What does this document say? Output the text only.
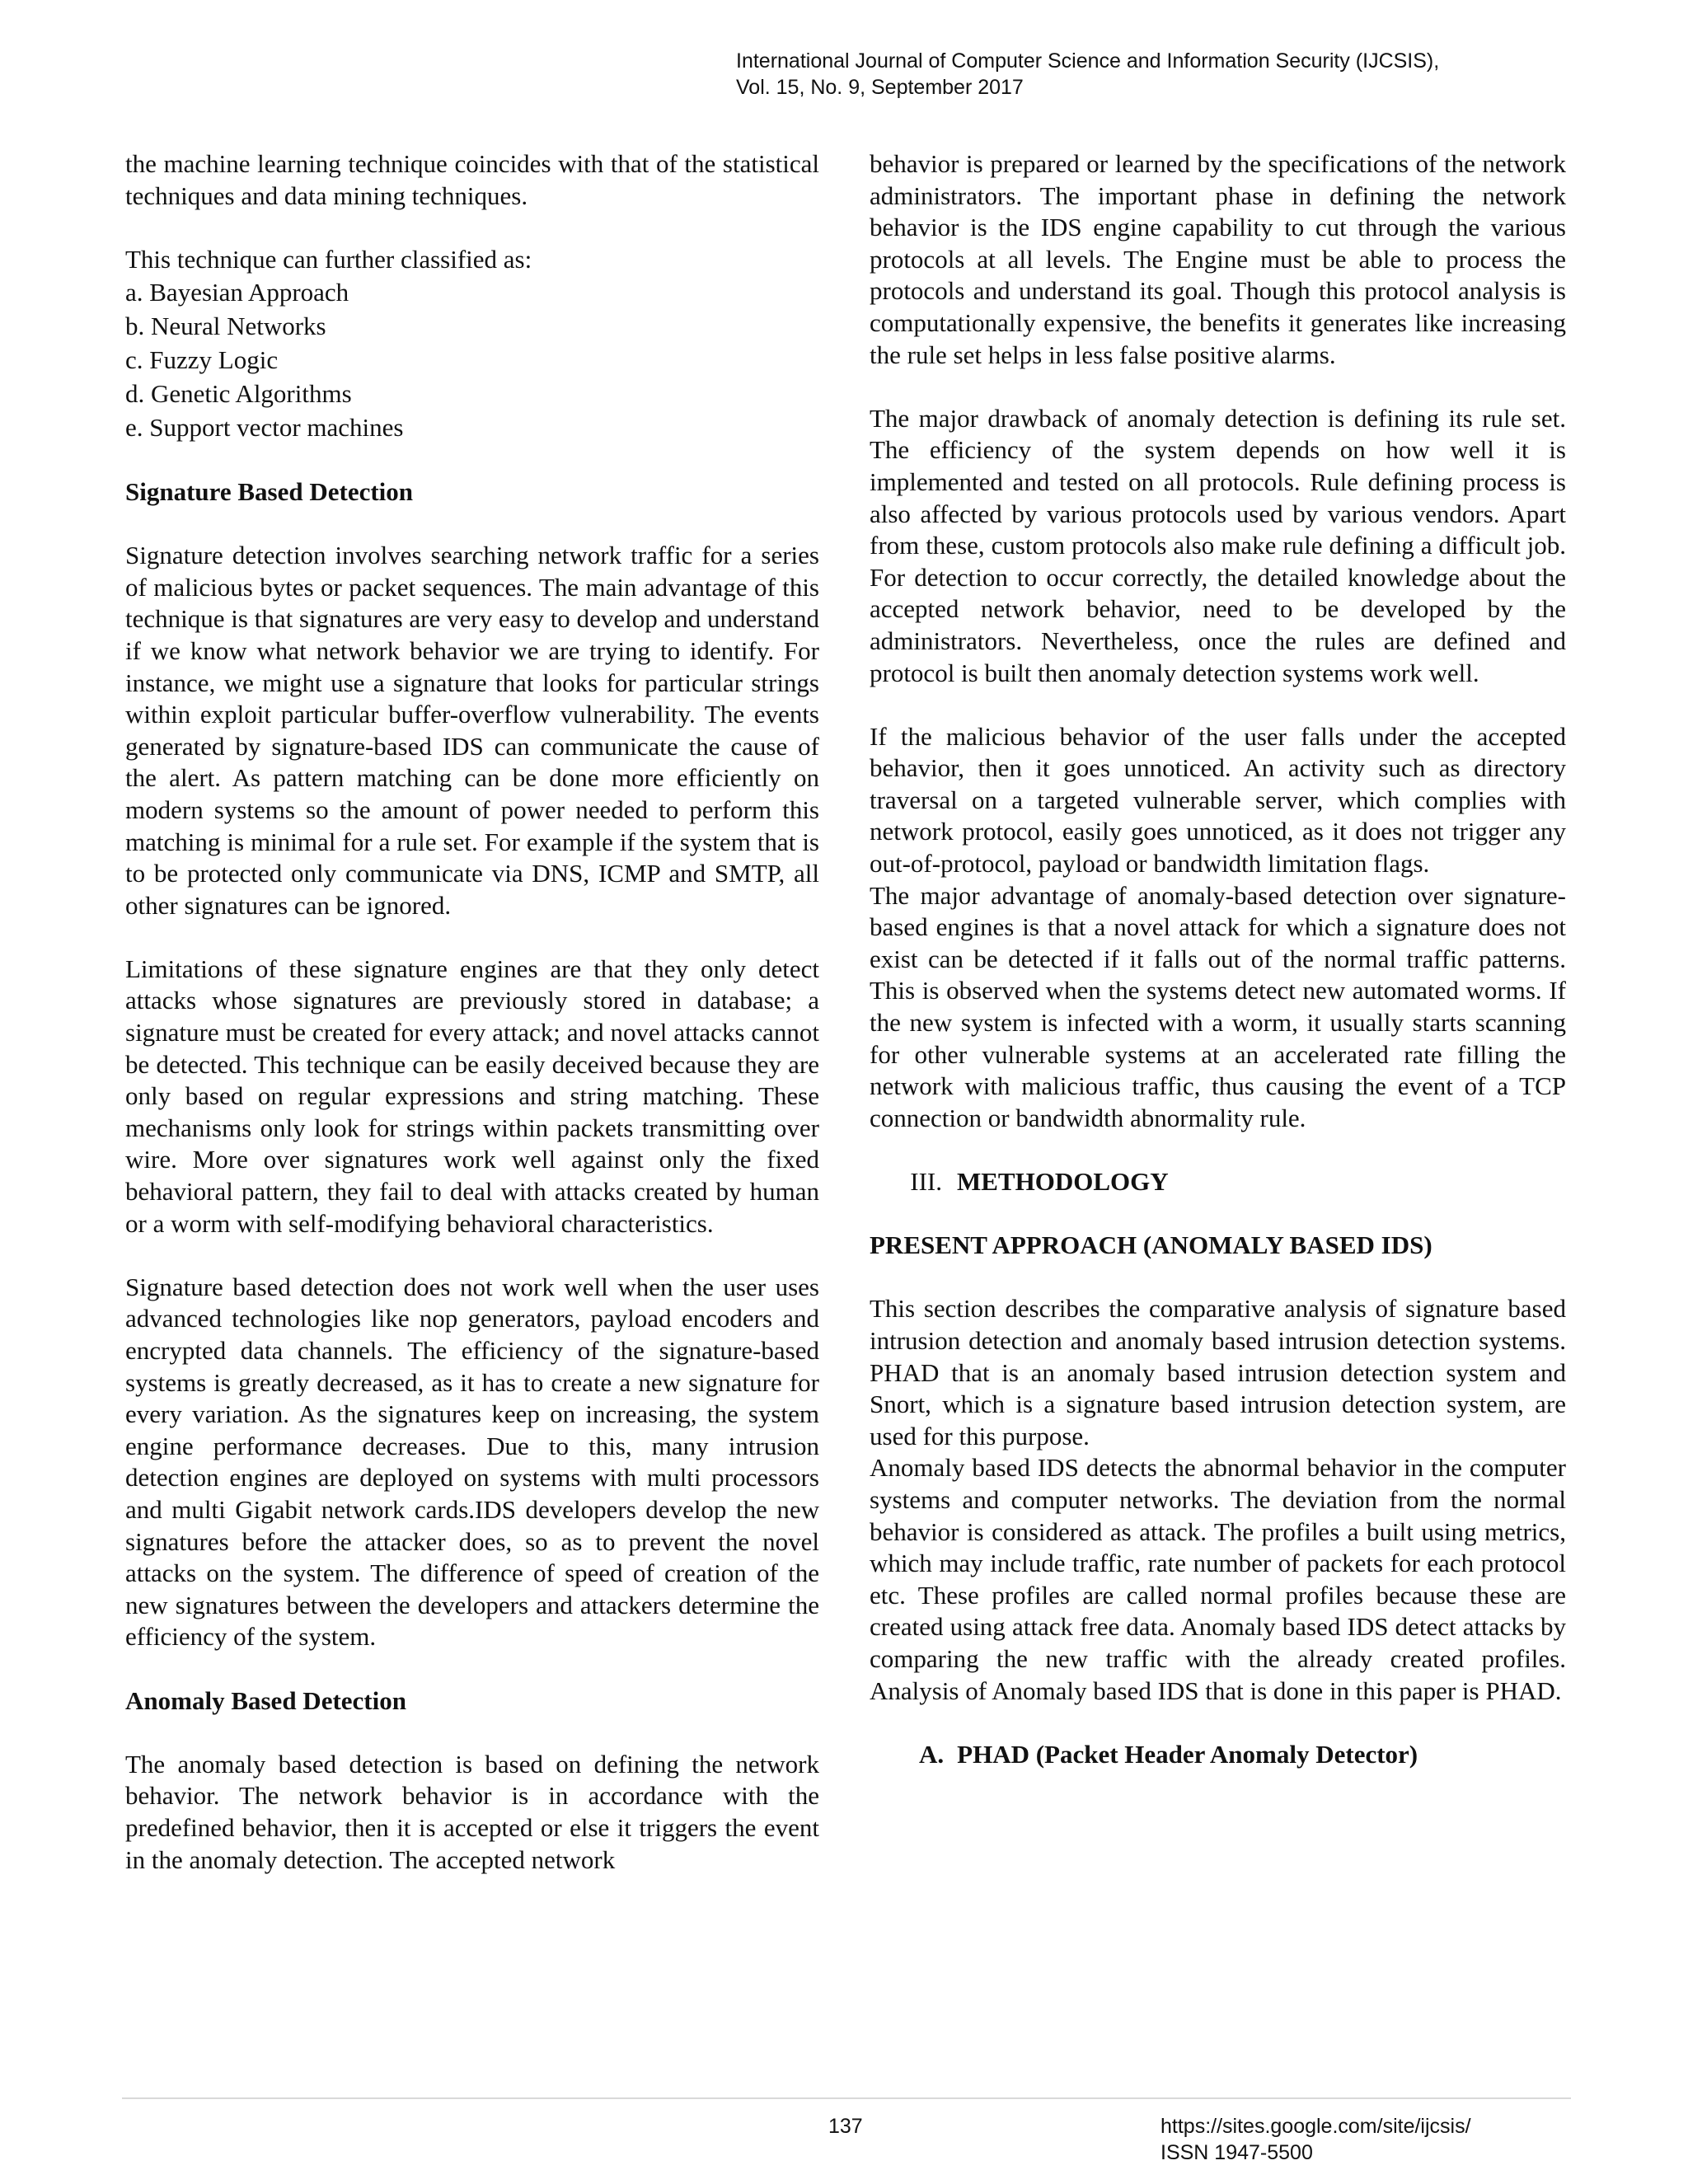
International Journal of Computer Science and Information Security (IJCSIS),
Vol. 15, No. 9, September 2017

the machine learning technique coincides with that of the statistical techniques and data mining techniques.

This technique can further classified as:

a. Bayesian Approach
b. Neural Networks
c. Fuzzy Logic
d. Genetic Algorithms
e. Support vector machines
Signature Based Detection

Signature detection involves searching network traffic for a series of malicious bytes or packet sequences. The main advantage of this technique is that signatures are very easy to develop and understand if we know what network behavior we are trying to identify. For instance, we might use a signature that looks for particular strings within exploit particular buffer-overflow vulnerability. The events generated by signature-based IDS can communicate the cause of the alert. As pattern matching can be done more efficiently on modern systems so the amount of power needed to perform this matching is minimal for a rule set. For example if the system that is to be protected only communicate via DNS, ICMP and SMTP, all other signatures can be ignored.

Limitations of these signature engines are that they only detect attacks whose signatures are previously stored in database; a signature must be created for every attack; and novel attacks cannot be detected. This technique can be easily deceived because they are only based on regular expressions and string matching. These mechanisms only look for strings within packets transmitting over wire. More over signatures work well against only the fixed behavioral pattern, they fail to deal with attacks created by human or a worm with self-modifying behavioral characteristics.

Signature based detection does not work well when the user uses advanced technologies like nop generators, payload encoders and encrypted data channels. The efficiency of the signature-based systems is greatly decreased, as it has to create a new signature for every variation. As the signatures keep on increasing, the system engine performance decreases. Due to this, many intrusion detection engines are deployed on systems with multi processors and multi Gigabit network cards.IDS developers develop the new signatures before the attacker does, so as to prevent the novel attacks on the system. The difference of speed of creation of the new signatures between the developers and attackers determine the efficiency of the system.

Anomaly Based Detection

The anomaly based detection is based on defining the network behavior. The network behavior is in accordance with the predefined behavior, then it is accepted or else it triggers the event in the anomaly detection. The accepted network

behavior is prepared or learned by the specifications of the network administrators. The important phase in defining the network behavior is the IDS engine capability to cut through the various protocols at all levels. The Engine must be able to process the protocols and understand its goal. Though this protocol analysis is computationally expensive, the benefits it generates like increasing the rule set helps in less false positive alarms.

The major drawback of anomaly detection is defining its rule set. The efficiency of the system depends on how well it is implemented and tested on all protocols. Rule defining process is also affected by various protocols used by various vendors. Apart from these, custom protocols also make rule defining a difficult job. For detection to occur correctly, the detailed knowledge about the accepted network behavior, need to be developed by the administrators. Nevertheless, once the rules are defined and protocol is built then anomaly detection systems work well.

If the malicious behavior of the user falls under the accepted behavior, then it goes unnoticed. An activity such as directory traversal on a targeted vulnerable server, which complies with network protocol, easily goes unnoticed, as it does not trigger any out-of-protocol, payload or bandwidth limitation flags.

The major advantage of anomaly-based detection over signature-based engines is that a novel attack for which a signature does not exist can be detected if it falls out of the normal traffic patterns. This is observed when the systems detect new automated worms. If the new system is infected with a worm, it usually starts scanning for other vulnerable systems at an accelerated rate filling the network with malicious traffic, thus causing the event of a TCP connection or bandwidth abnormality rule.

III. METHODOLOGY
PRESENT APPROACH (ANOMALY BASED IDS)

This section describes the comparative analysis of signature based intrusion detection and anomaly based intrusion detection systems. PHAD that is an anomaly based intrusion detection system and Snort, which is a signature based intrusion detection system, are used for this purpose.

Anomaly based IDS detects the abnormal behavior in the computer systems and computer networks. The deviation from the normal behavior is considered as attack. The profiles a built using metrics, which may include traffic, rate number of packets for each protocol etc. These profiles are called normal profiles because these are created using attack free data. Anomaly based IDS detect attacks by comparing the new traffic with the already created profiles. Analysis of Anomaly based IDS that is done in this paper is PHAD.

A. PHAD (Packet Header Anomaly Detector)
137	https://sites.google.com/site/ijcsis/
ISSN 1947-5500
